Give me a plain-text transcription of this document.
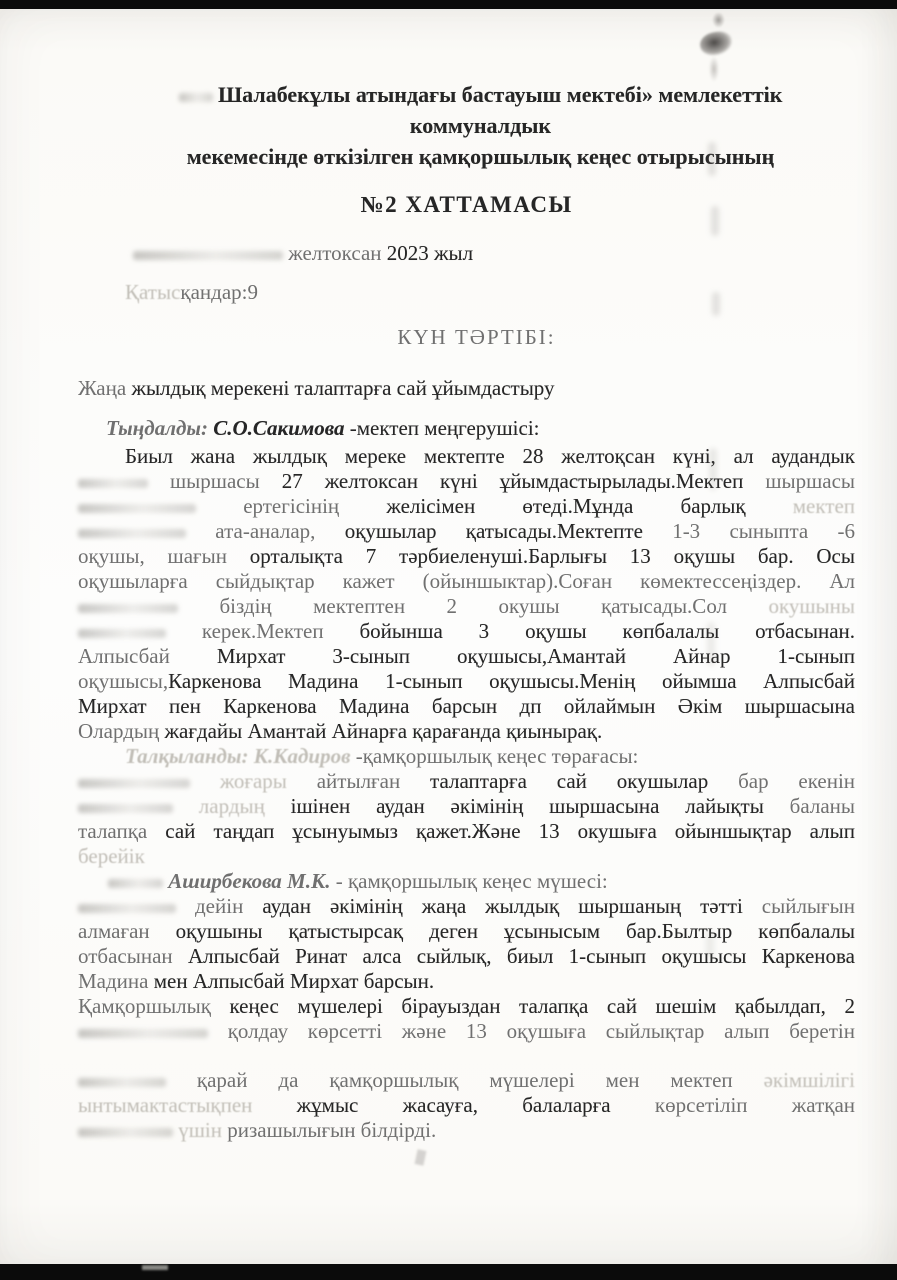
Шалабекұлы атындағы бастауыш мектебі» мемлекеттік коммуналдык
мекемесінде өткізілген қамқоршылық кеңес отырысының
№2 ХАТТАМАСЫ
желтоксан 2023 жыл
Қатысқандар:9
КҮН ТӘРТІБІ:
Жаңа жылдық мерекені талаптарға сай ұйымдастыру
Тыңдалды: С.О.Сакимова -мектеп меңгерушісі:
Биыл жана жылдық мереке мектепте 28 желтоқсан күні, ал аудандык
шыршасы 27 желтоксан күні ұйымдастырылады.Мектеп шыршасы
ертегісінің желісімен өтеді.Мұнда барлық мектеп
ата-аналар, оқушылар қатысады.Мектепте 1-3 сыныпта -6
оқушы, шағын орталықта 7 тәрбиеленуші.Барлығы 13 оқушы бар. Осы
оқушыларға сыйдықтар кажет (ойыншыктар).Соған көмектессеңіздер. Ал
біздің мектептен 2 окушы қатысады.Сол окушыны
керек.Мектеп бойынша 3 оқушы көпбалалы отбасынан.
Алпысбай Мирхат 3-сынып оқушысы,Амантай Айнар 1-сынып
оқушысы,Каркенова Мадина 1-сынып оқушысы.Менің ойымша Алпысбай
Мирхат пен Каркенова Мадина барсын дп ойлаймын Әкім шыршасына
Олардың жағдайы Амантай Айнарға қарағанда қиынырақ.
Талқыланды: К.Кадиров -қамқоршылық кеңес төрағасы:
жоғары айтылған талаптарға сай окушылар бар екенін
лардың ішінен аудан әкімінің шыршасына лайықты баланы
талапқа сай таңдап ұсынуымыз қажет.Және 13 окушыға ойыншықтар алып
берейік
Аширбекова М.К. - қамқоршылық кеңес мүшесі:
дейін аудан әкімінің жаңа жылдық шыршаның тәтті сыйлығын
алмаған оқушыны қатыстырсақ деген ұсынысым бар.Былтыр көпбалалы
отбасынан Алпысбай Ринат алса сыйлық, биыл 1-сынып оқушысы Каркенова
Мадина мен Алпысбай Мирхат барсын.
Қамқоршылық кеңес мүшелері бірауыздан талапқа сай шешім қабылдап, 2
қолдау көрсетті және 13 оқушыға сыйлықтар алып беретін
қарай да қамқоршылық мүшелері мен мектеп әкімшілігі
ынтымактастықпен жұмыс жасауға, балаларға көрсетіліп жатқан
үшін ризашылығын білдірді.
